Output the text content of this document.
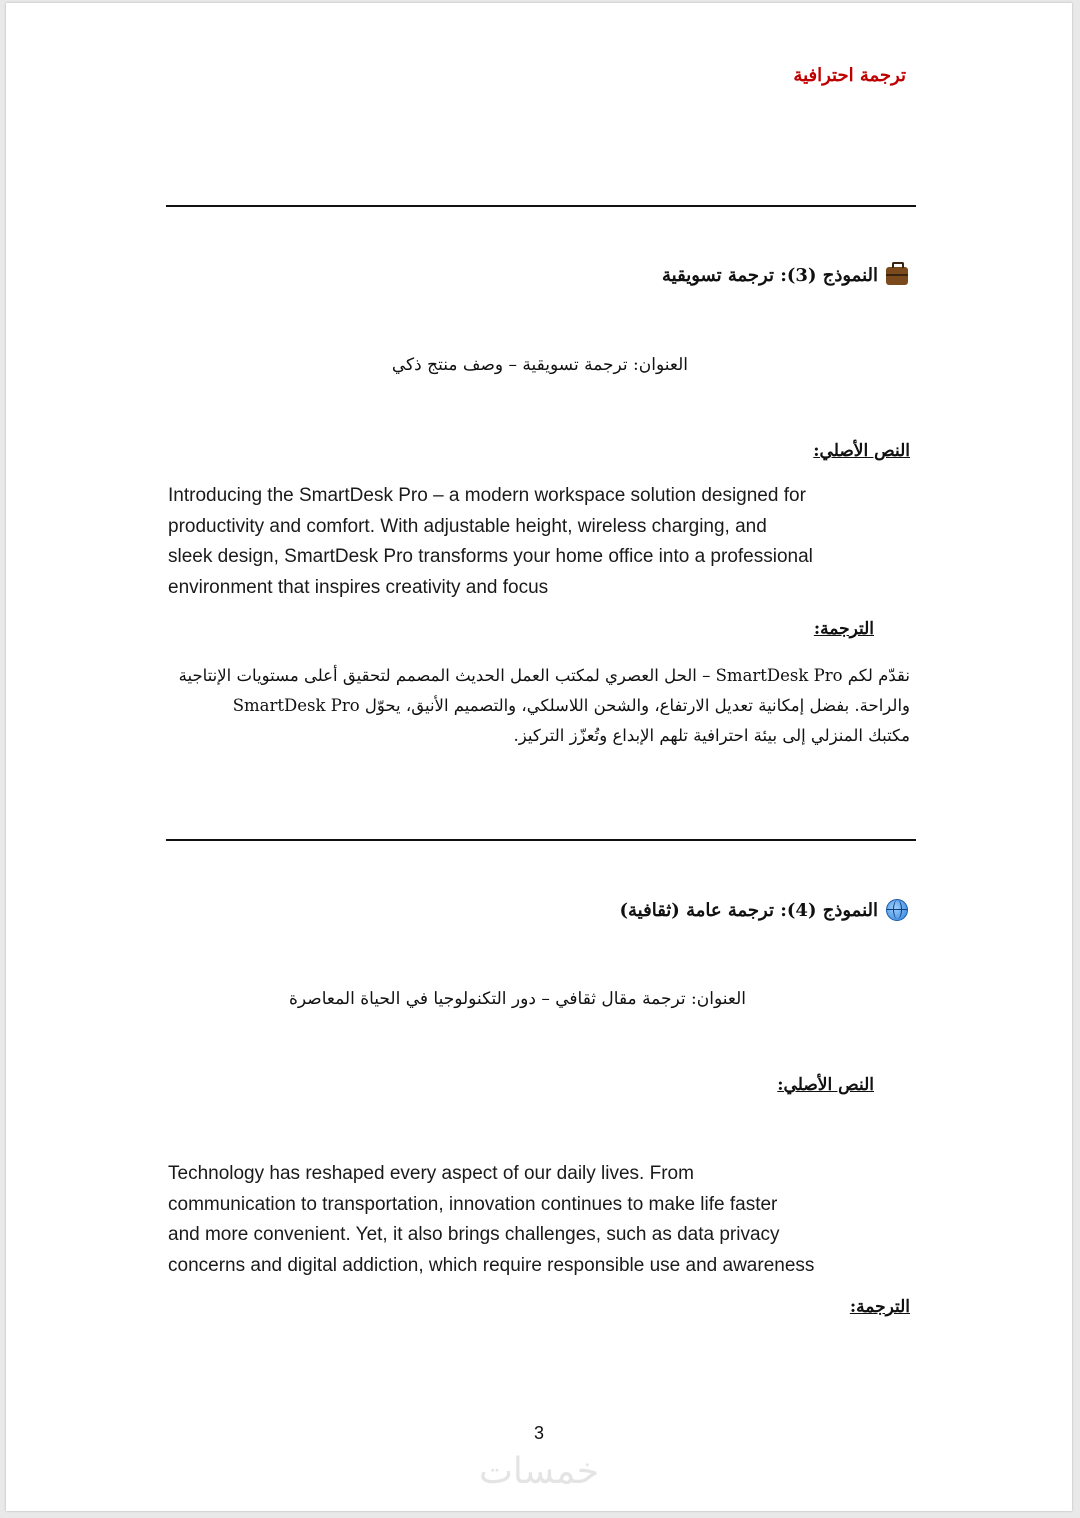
ترجمة احترافية
النموذج (3): ترجمة تسويقية
العنوان: ترجمة تسويقية – وصف منتج ذكي
النص الأصلي:
Introducing the SmartDesk Pro – a modern workspace solution designed for
productivity and comfort. With adjustable height, wireless charging, and
sleek design, SmartDesk Pro transforms your home office into a professional
environment that inspires creativity and focus
الترجمة:
نقدّم لكم SmartDesk Pro – الحل العصري لمكتب العمل الحديث المصمم لتحقيق أعلى مستويات الإنتاجية
والراحة. بفضل إمكانية تعديل الارتفاع، والشحن اللاسلكي، والتصميم الأنيق، يحوّل SmartDesk Pro
مكتبك المنزلي إلى بيئة احترافية تلهم الإبداع وتُعزّز التركيز.
النموذج (4): ترجمة عامة (ثقافية)
العنوان: ترجمة مقال ثقافي – دور التكنولوجيا في الحياة المعاصرة
النص الأصلي:
Technology has reshaped every aspect of our daily lives. From
communication to transportation, innovation continues to make life faster
and more convenient. Yet, it also brings challenges, such as data privacy
concerns and digital addiction, which require responsible use and awareness
الترجمة:
3
خمسات
